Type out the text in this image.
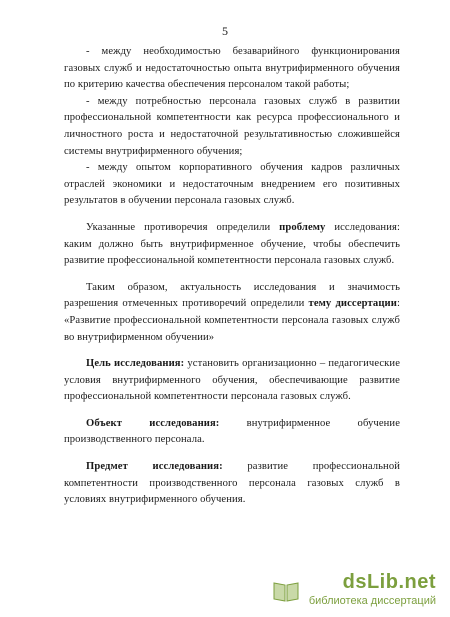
5

- между необходимостью безаварийного функционирования газовых служб и недостаточностью опыта внутрифирменного обучения по критерию качества обеспечения персоналом такой работы;

- между потребностью персонала газовых служб в развитии профессиональной компетентности как ресурса профессионального и личностного роста и недостаточной результативностью сложившейся системы внутрифирменного обучения;

- между опытом корпоративного обучения кадров различных отраслей экономики и недостаточным внедрением его позитивных результатов в обучении персонала газовых служб.

Указанные противоречия определили проблему исследования: каким должно быть внутрифирменное обучение, чтобы обеспечить развитие профессиональной компетентности персонала газовых служб.

Таким образом, актуальность исследования и значимость разрешения отмеченных противоречий определили тему диссертации: «Развитие профессиональной компетентности персонала газовых служб во внутрифирменном обучении»

Цель исследования: установить организационно – педагогические условия внутрифирменного обучения, обеспечивающие развитие профессиональной компетентности персонала газовых служб.

Объект исследования: внутрифирменное обучение производственного персонала.

Предмет исследования: развитие профессиональной компетентности производственного персонала газовых служб в условиях внутрифирменного обучения.

dsLib.net
библиотека диссертаций
